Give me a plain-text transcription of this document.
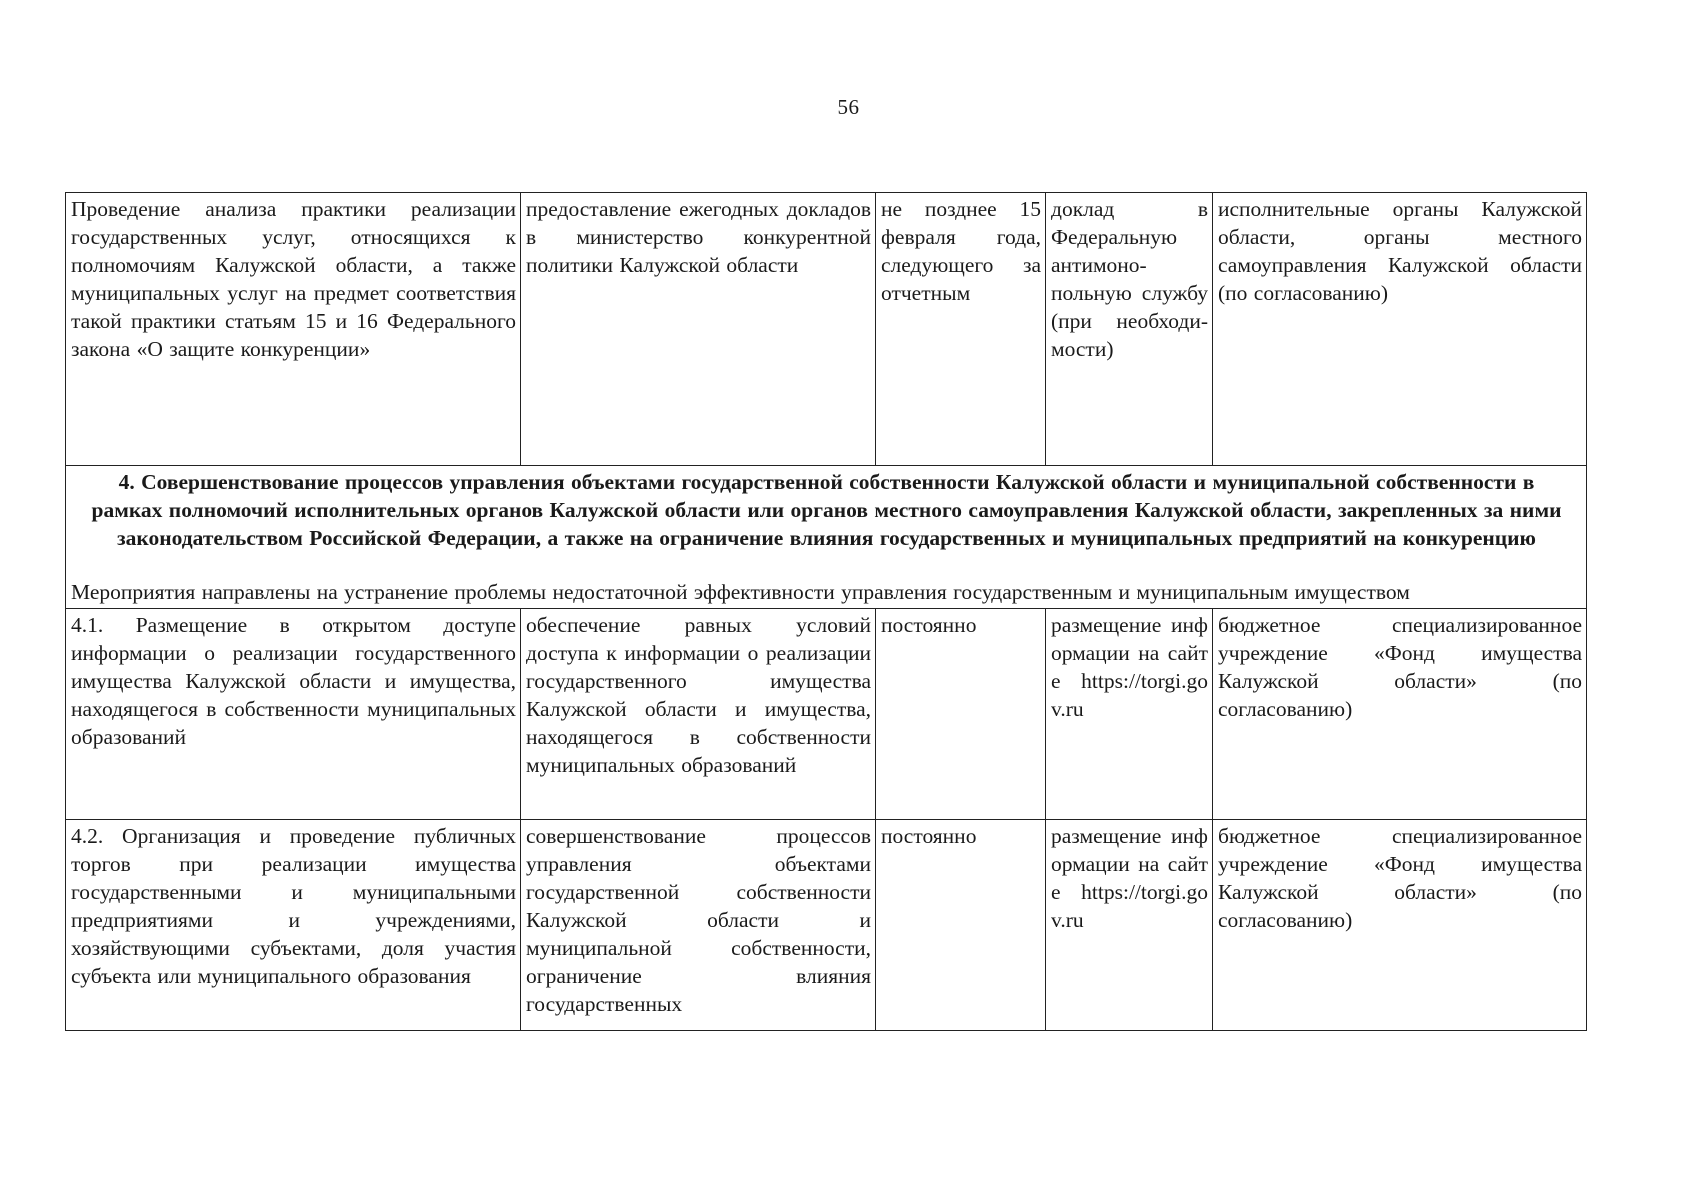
56
Проведение анализа практики реализации государственных услуг, относящихся к полномочиям Калужской области, а также муниципальных услуг на предмет соответствия такой практики статьям 15 и 16 Федерального закона «О защите конкуренции»	предоставление ежегодных докладов в министерство конкурентной политики Калужской области	не позднее 15 февраля года, следующего за отчетным	доклад в Федеральную антимоно-польную службу (при необходи-мости)	исполнительные органы Калужской области, органы местного самоуправления Калужской области (по согласованию)

4. Совершенствование процессов управления объектами государственной собственности Калужской области и муниципальной собственности в рамках полномочий исполнительных органов Калужской области или органов местного самоуправления Калужской области, закрепленных за ними законодательством Российской Федерации, а также на ограничение влияния государственных и муниципальных предприятий на конкуренцию
Мероприятия направлены на устранение проблемы недостаточной эффективности управления государственным и муниципальным имуществом				

4.1. Размещение в открытом доступе информации о реализации государственного имущества Калужской области и имущества, находящегося в собственности муниципальных образований	обеспечение равных условий доступа к информации о реализации государственного имущества Калужской области и имущества, находящегося в собственности муниципальных образований	постоянно	размещение информации на сайте https://torgi.gov.ru	бюджетное специализированное учреждение «Фонд имущества Калужской области» (по согласованию)
4.2. Организация и проведение публичных торгов при реализации имущества государственными и муниципальными предприятиями и учреждениями, хозяйствующими субъектами, доля участия субъекта или муниципального образования	совершенствование процессов управления объектами государственной собственности Калужской области и муниципальной собственности, ограничение влияния государственных	постоянно	размещение информации на сайте https://torgi.gov.ru	бюджетное специализированное учреждение «Фонд имущества Калужской области» (по согласованию)
